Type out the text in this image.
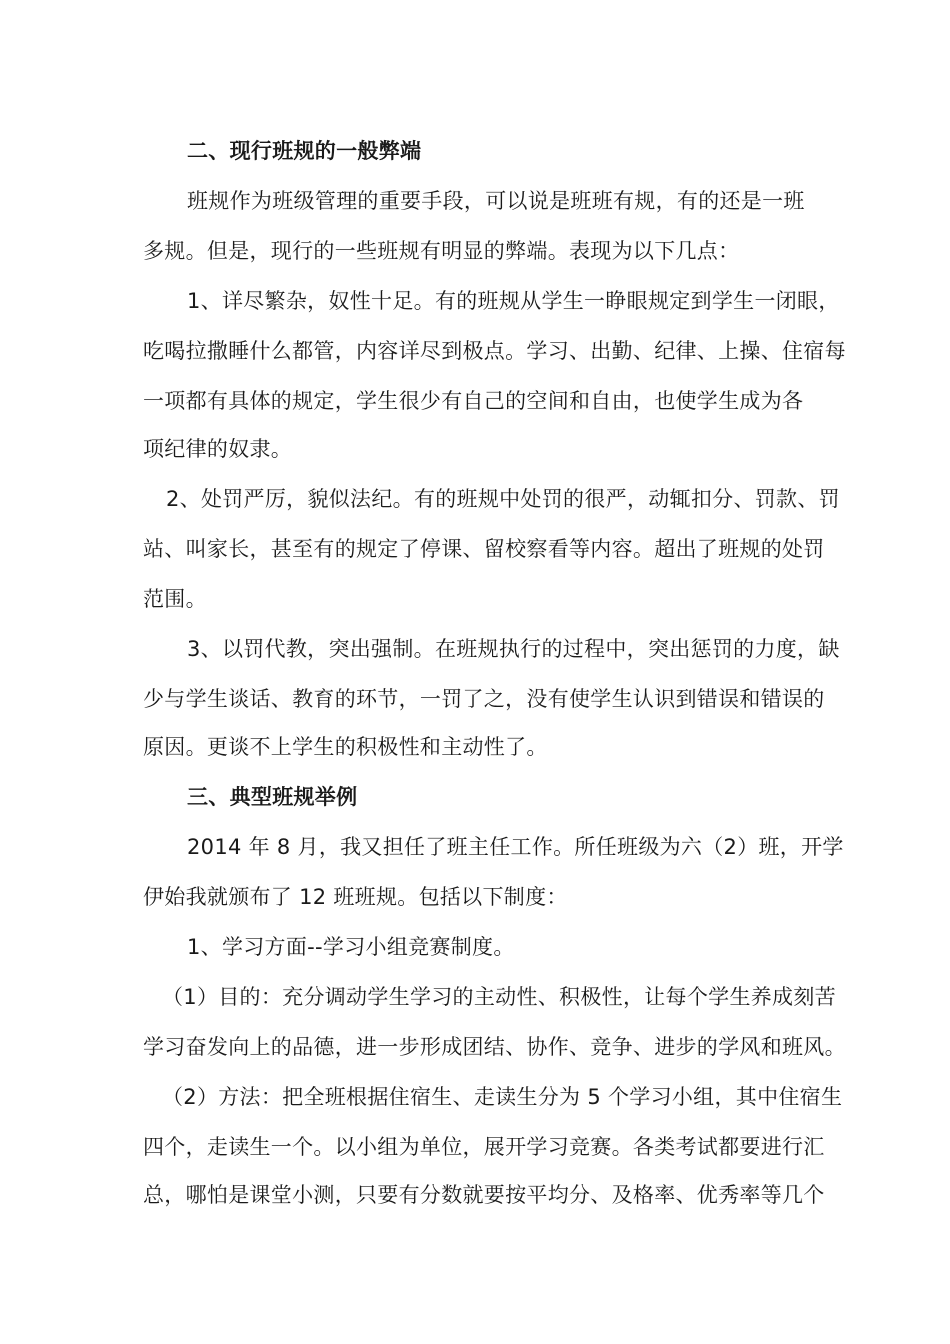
二、现行班规的一般弊端
班规作为班级管理的重要手段，可以说是班班有规，有的还是一班
多规。但是，现行的一些班规有明显的弊端。表现为以下几点：
1、详尽繁杂，奴性十足。有的班规从学生一睁眼规定到学生一闭眼，
吃喝拉撒睡什么都管，内容详尽到极点。学习、出勤、纪律、上操、住宿每
一项都有具体的规定，学生很少有自己的空间和自由，也使学生成为各
项纪律的奴隶。
2、处罚严厉，貌似法纪。有的班规中处罚的很严，动辄扣分、罚款、罚
站、叫家长，甚至有的规定了停课、留校察看等内容。超出了班规的处罚
范围。
3、以罚代教，突出强制。在班规执行的过程中，突出惩罚的力度，缺
少与学生谈话、教育的环节，一罚了之，没有使学生认识到错误和错误的
原因。更谈不上学生的积极性和主动性了。
三、典型班规举例
2014 年 8 月，我又担任了班主任工作。所任班级为六（2）班，开学
伊始我就颁布了 12 班班规。包括以下制度：
1、学习方面--学习小组竞赛制度。
（1）目的：充分调动学生学习的主动性、积极性，让每个学生养成刻苦
学习奋发向上的品德，进一步形成团结、协作、竞争、进步的学风和班风。
（2）方法：把全班根据住宿生、走读生分为 5 个学习小组，其中住宿生
四个，走读生一个。以小组为单位，展开学习竞赛。各类考试都要进行汇
总，哪怕是课堂小测，只要有分数就要按平均分、及格率、优秀率等几个
